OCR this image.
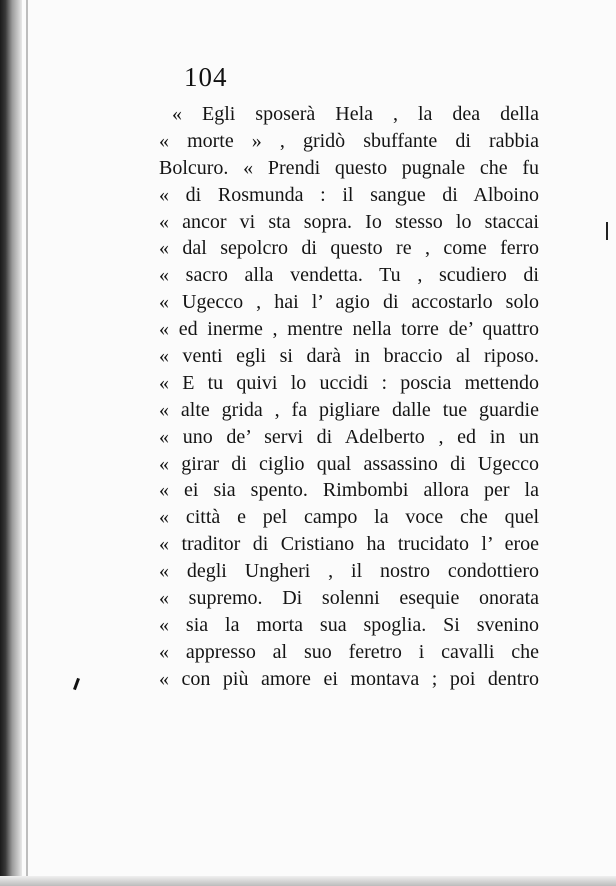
104
« Egli sposerà Hela , la dea della
« morte » , gridò sbuffante di rabbia
Bolcuro. « Prendi questo pugnale che fu
« di Rosmunda : il sangue di Alboino
« ancor vi sta sopra. Io stesso lo staccai
« dal sepolcro di questo re , come ferro
« sacro alla vendetta. Tu , scudiero di
« Ugecco , hai l’ agio di accostarlo solo
« ed inerme , mentre nella torre de’ quattro
« venti egli si darà in braccio al riposo.
« E tu quivi lo uccidi : poscia mettendo
« alte grida , fa pigliare dalle tue guardie
« uno de’ servi di Adelberto , ed in un
« girar di ciglio qual assassino di Ugecco
« ei sia spento. Rimbombi allora per la
« città e pel campo la voce che quel
« traditor di Cristiano ha trucidato l’ eroe
« degli Ungheri , il nostro condottiero
« supremo. Di solenni esequie onorata
« sia la morta sua spoglia. Si svenino
« appresso al suo feretro i cavalli che
« con più amore ei montava ; poi dentro
